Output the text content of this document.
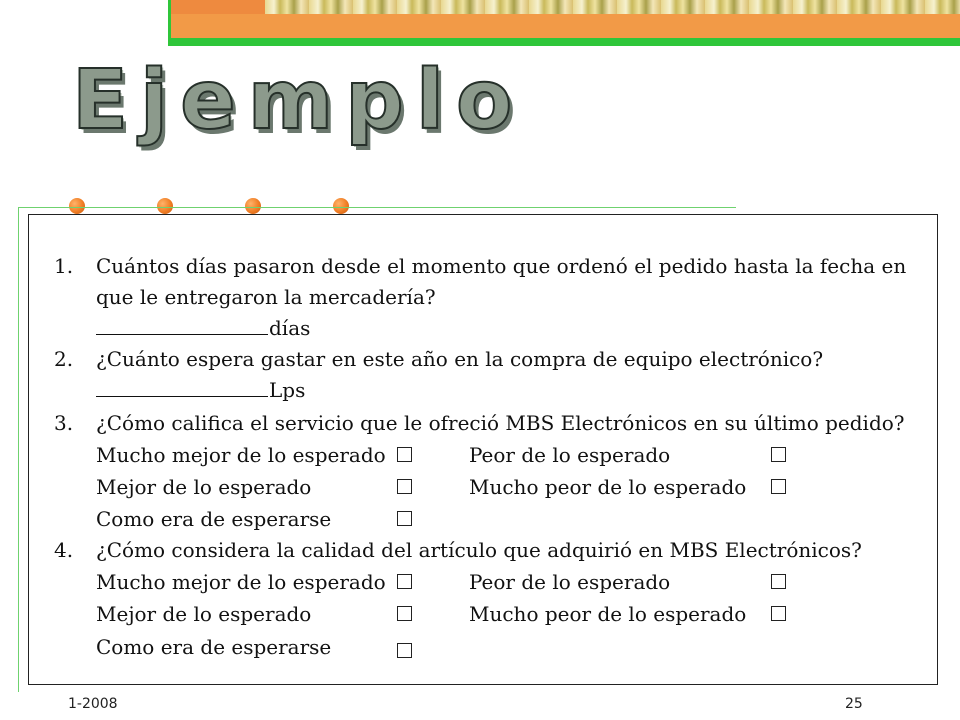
Ejemplo
1. Cuántos días pasaron desde el momento que ordenó el pedido hasta la fecha en que le entregaron la mercadería?
días
2. ¿Cuánto espera gastar en este año en la compra de equipo electrónico?
Lps
3. ¿Cómo califica el servicio que le ofreció MBS Electrónicos en su último pedido?
Mucho mejor de lo esperado	Peor de lo esperado
Mejor de lo esperado	Mucho peor de lo esperado
Como era de esperarse
4. ¿Cómo considera la calidad del artículo que adquirió en MBS Electrónicos?
Mucho mejor de lo esperado	Peor de lo esperado
Mejor de lo esperado	Mucho peor de lo esperado
Como era de esperarse
1-2008	25
